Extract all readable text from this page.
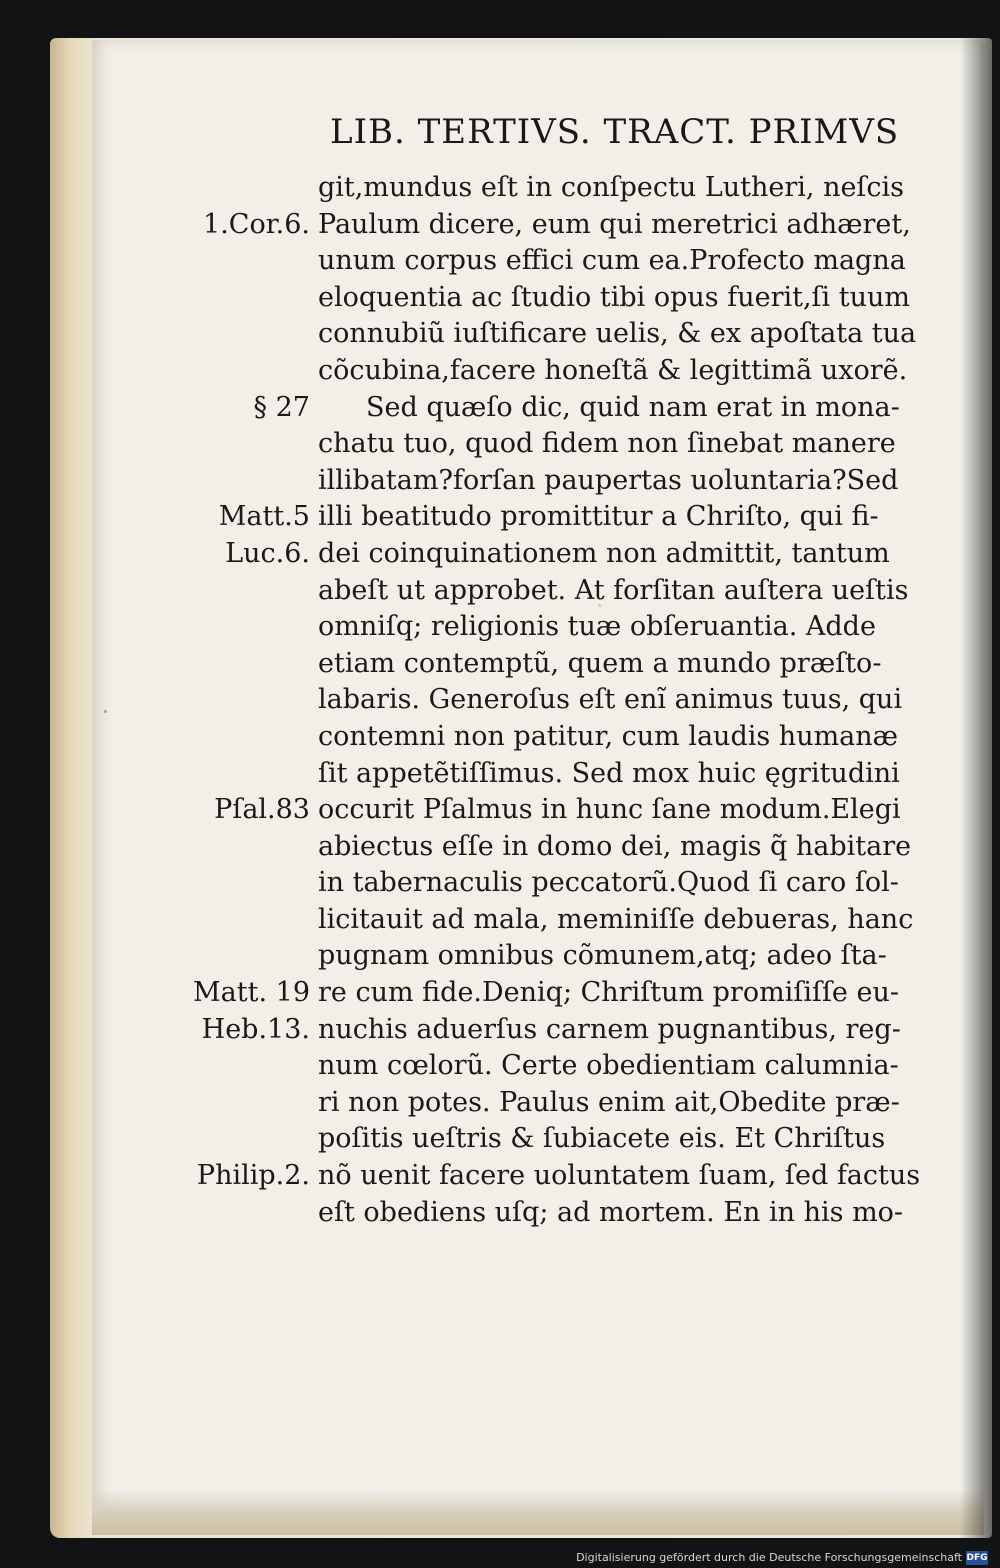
LIB. TERTIVS. TRACT. PRIMVS
1.Cor.6.
§ 27
Matt.5
Luc.6.
Pſal.83
Matt. 19
Heb.13.
Philip.2.
git,mundus eſt in conſpectu Lutheri, neſcis
Paulum dicere, eum qui meretrici adhæret,
unum corpus effici cum ea.Profecto magna
eloquentia ac ſtudio tibi opus fuerit,ſi tuum
connubiũ iuſtificare uelis, & ex apoſtata tua
cõcubina,facere honeſtã & legittimã uxorẽ.
Sed quæſo dic, quid nam erat in mona-
chatu tuo, quod fidem non ſinebat manere
illibatam?forſan paupertas uoluntaria?Sed
illi beatitudo promittitur a Chriſto, qui fi-
dei coinquinationem non admittit, tantum
abeſt ut approbet. At forſitan auſtera ueſtis
omniſq; religionis tuæ obſeruantia. Adde
etiam contemptũ, quem a mundo præſto-
labaris. Generoſus eſt enĩ animus tuus, qui
contemni non patitur, cum laudis humanæ
ſit appetẽtiſſimus. Sed mox huic ęgritudini
occurit Pſalmus in hunc ſane modum.Elegi
abiectus eſſe in domo dei, magis q̃ habitare
in tabernaculis peccatorũ.Quod ſi caro ſol-
licitauit ad mala, meminiſſe debueras, hanc
pugnam omnibus cõmunem,atq; adeo ſta-
re cum fide.Deniq; Chriſtum promiſiſſe eu-
nuchis aduerſus carnem pugnantibus, reg-
num cœlorũ. Certe obedientiam calumnia-
ri non potes. Paulus enim ait,Obedite præ-
poſitis ueſtris & ſubiacete eis. Et Chriſtus
nõ uenit facere uoluntatem ſuam, ſed factus
eſt obediens uſq; ad mortem. En in his mo-
Digitalisierung gefördert durch die Deutsche Forschungsgemeinschaft DFG
